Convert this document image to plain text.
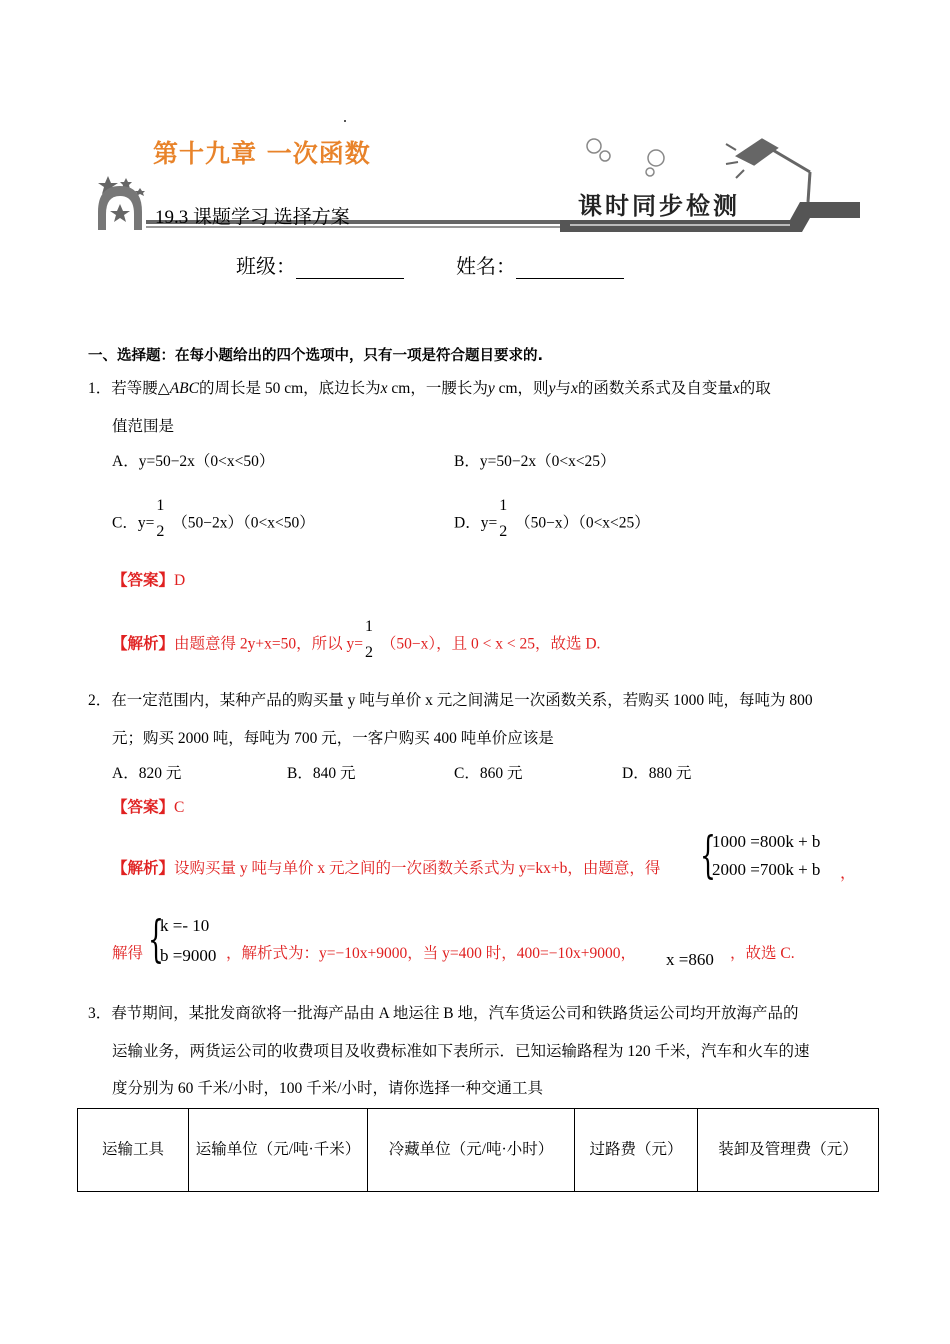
第十九章 一次函数
19.3 课题学习 选择方案	课时同步检测
班级：	姓名：
一、选择题：在每小题给出的四个选项中，只有一项是符合题目要求的.
1．若等腰△ABC的周长是 50 cm，底边长为x cm，一腰长为y cm，则y与x的函数关系式及自变量x的取
值范围是
A．y=50−2x（0<x<50）	B．y=50−2x（0<x<25）
C．y=
1
2 （50−2x）（0<x<50）	D．y=
1
2 （50−x）（0<x<25）
【答案】D
【解析】由题意得 2y+x=50，所以 y=
1
2 （50−x），且 0 < x < 25，故选 D.
2．在一定范围内，某种产品的购买量 y 吨与单价 x 元之间满足一次函数关系，若购买 1000 吨，每吨为 800
元；购买 2000 吨，每吨为 700 元，一客户购买 400 吨单价应该是
A．820 元	B．840 元	C．860 元	D．880 元
【答案】C
【解析】设购买量 y 吨与单价 x 元之间的一次函数关系式为 y=kx+b，由题意，得 {
1000 =800k + b
2000 =700k + b ，
解得 {
k =- 10
b =9000 ，解析式为：y=−10x+9000，当 y=400 时，400=−10x+9000， x =860 ，故选 C.
3．春节期间，某批发商欲将一批海产品由 A 地运往 B 地，汽车货运公司和铁路货运公司均开放海产品的
运输业务，两货运公司的收费项目及收费标准如下表所示．已知运输路程为 120 千米，汽车和火车的速
度分别为 60 千米/小时，100 千米/小时，请你选择一种交通工具
运输工具	运输单位（元/吨·千米）	冷藏单位（元/吨·小时）	过路费（元）	装卸及管理费（元）
